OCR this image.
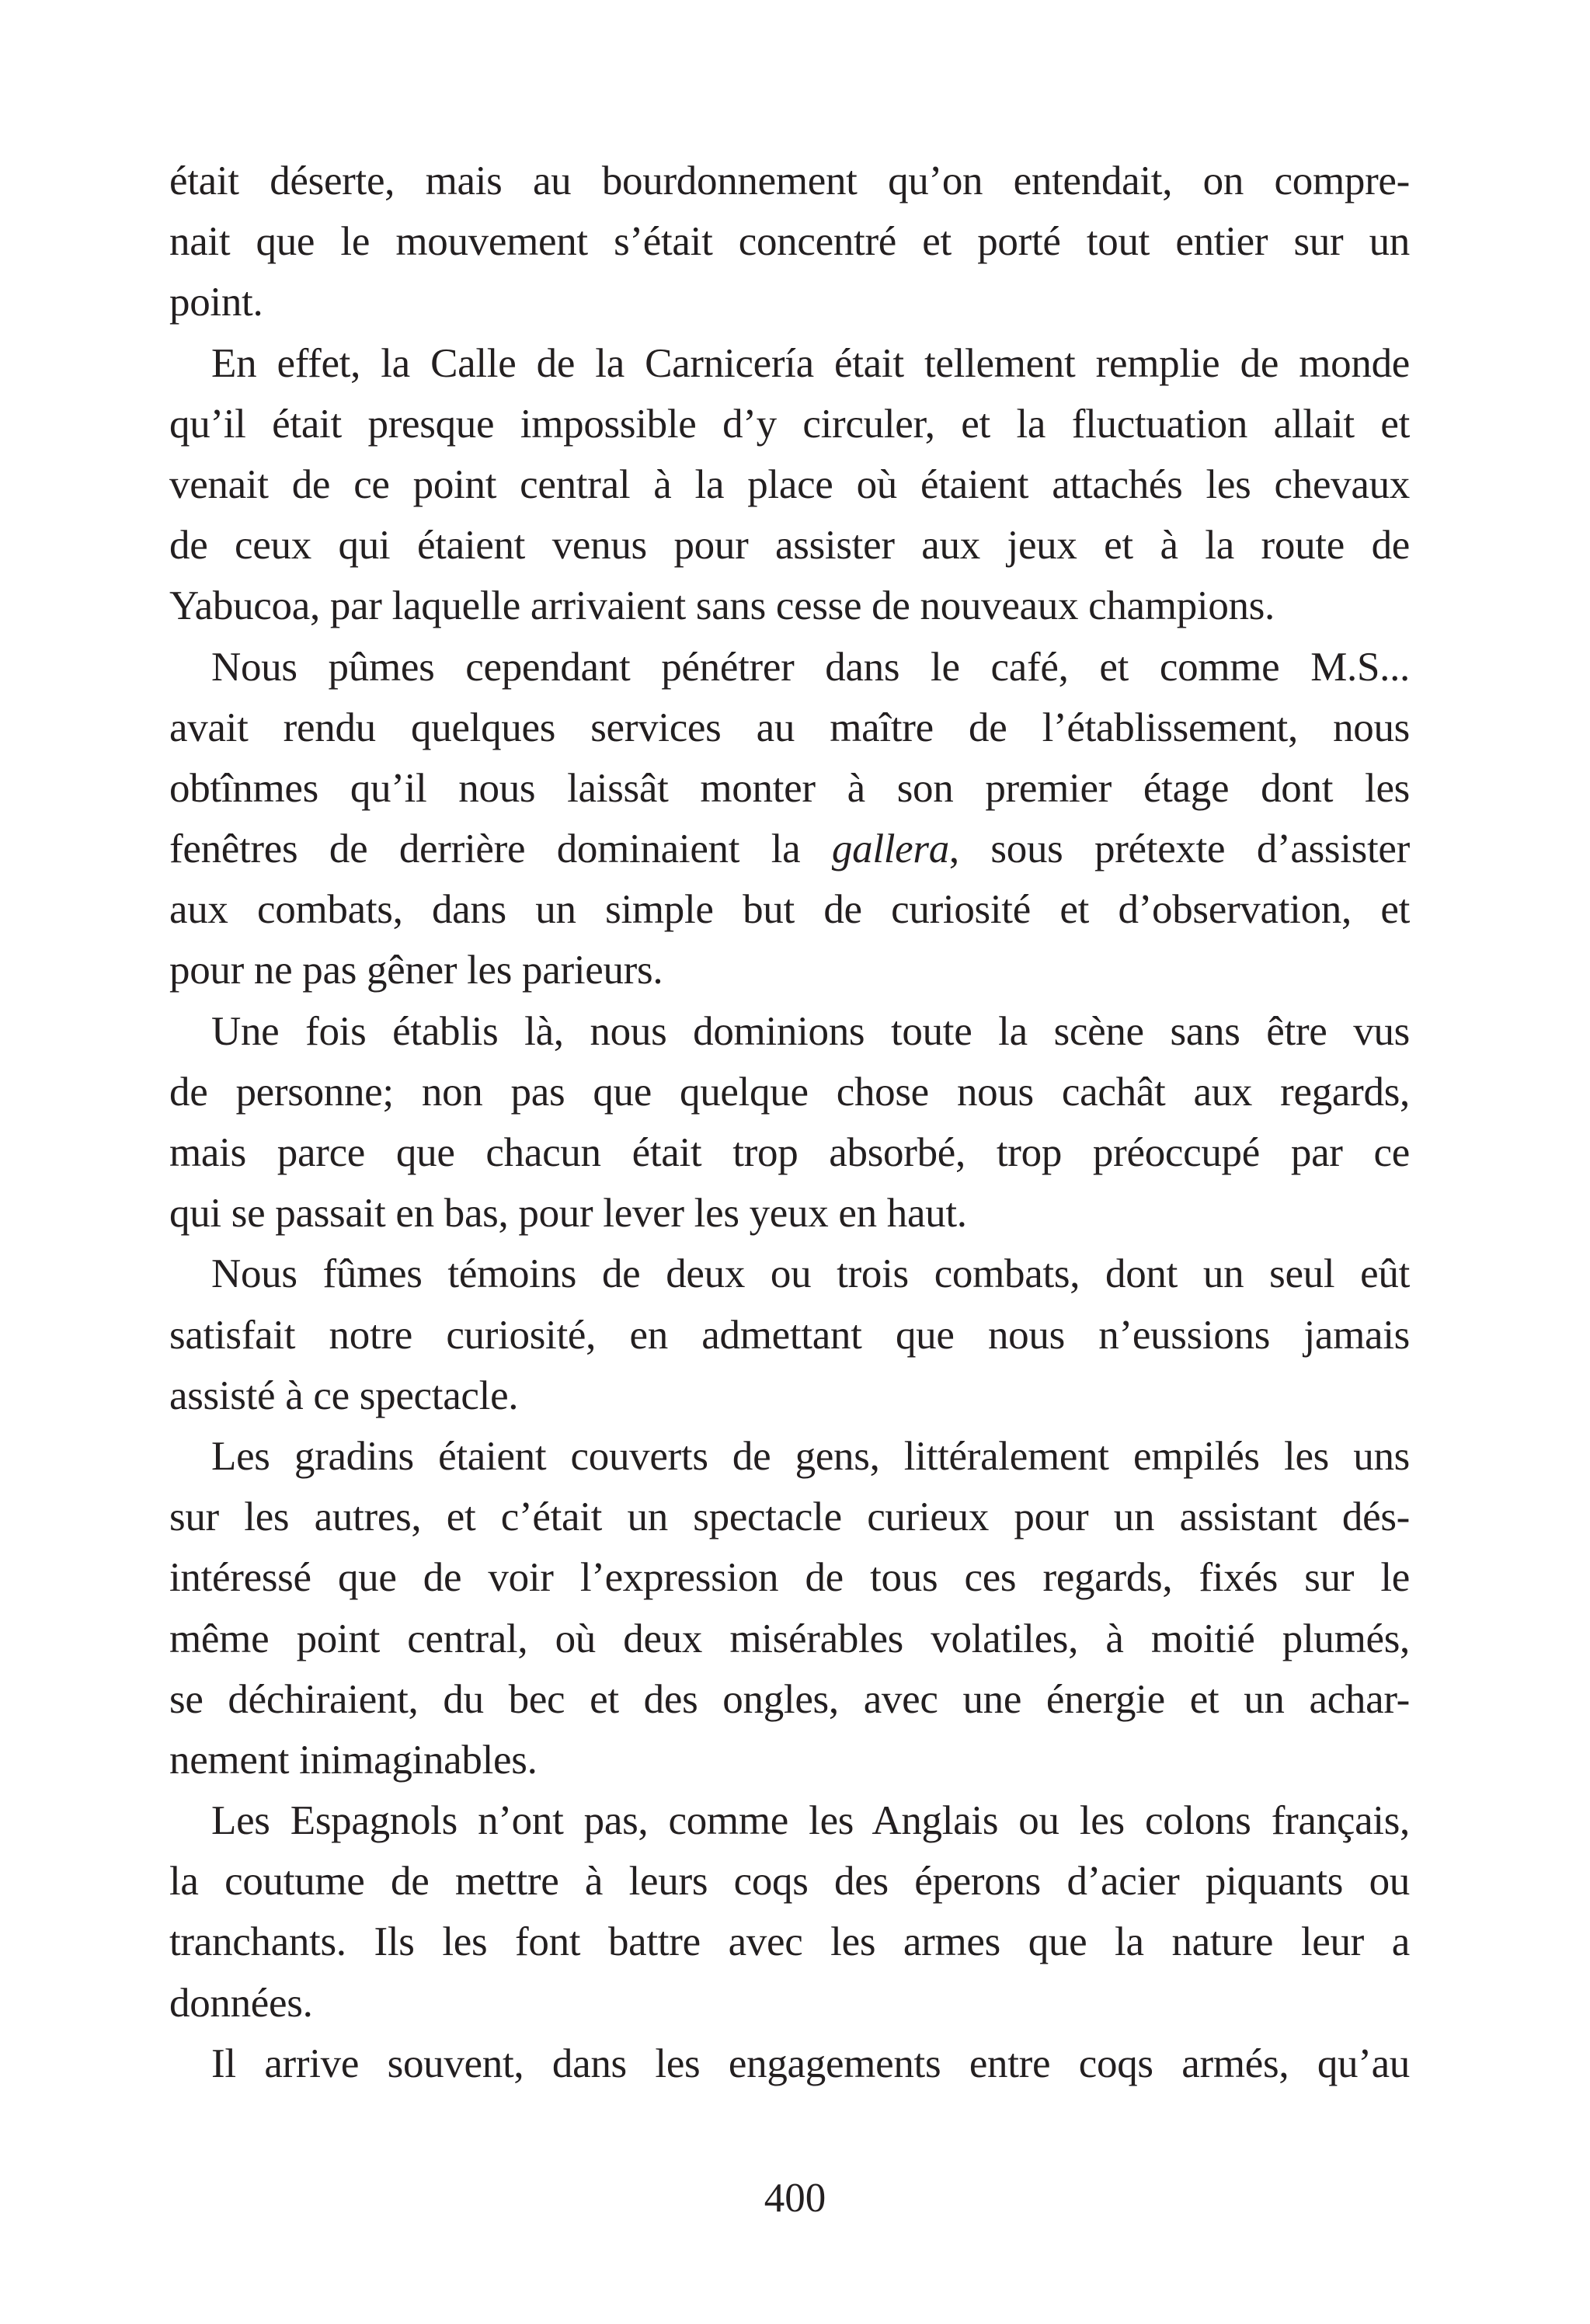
était déserte, mais au bourdonnement qu’on entendait, on compre-
nait que le mouvement s’était concentré et porté tout entier sur un
point.
En effet, la Calle de la Carnicería était tellement remplie de monde
qu’il était presque impossible d’y circuler, et la fluctuation allait et
venait de ce point central à la place où étaient attachés les chevaux
de ceux qui étaient venus pour assister aux jeux et à la route de
Yabucoa, par laquelle arrivaient sans cesse de nouveaux champions.
Nous pûmes cependant pénétrer dans le café, et comme M.S...
avait rendu quelques services au maître de l’établissement, nous
obtînmes qu’il nous laissât monter à son premier étage dont les
fenêtres de derrière dominaient la gallera, sous prétexte d’assister
aux combats, dans un simple but de curiosité et d’observation, et
pour ne pas gêner les parieurs.
Une fois établis là, nous dominions toute la scène sans être vus
de personne; non pas que quelque chose nous cachât aux regards,
mais parce que chacun était trop absorbé, trop préoccupé par ce
qui se passait en bas, pour lever les yeux en haut.
Nous fûmes témoins de deux ou trois combats, dont un seul eût
satisfait notre curiosité, en admettant que nous n’eussions jamais
assisté à ce spectacle.
Les gradins étaient couverts de gens, littéralement empilés les uns
sur les autres, et c’était un spectacle curieux pour un assistant dés-
intéressé que de voir l’expression de tous ces regards, fixés sur le
même point central, où deux misérables volatiles, à moitié plumés,
se déchiraient, du bec et des ongles, avec une énergie et un achar-
nement inimaginables.
Les Espagnols n’ont pas, comme les Anglais ou les colons français,
la coutume de mettre à leurs coqs des éperons d’acier piquants ou
tranchants. Ils les font battre avec les armes que la nature leur a
données.
Il arrive souvent, dans les engagements entre coqs armés, qu’au
400
